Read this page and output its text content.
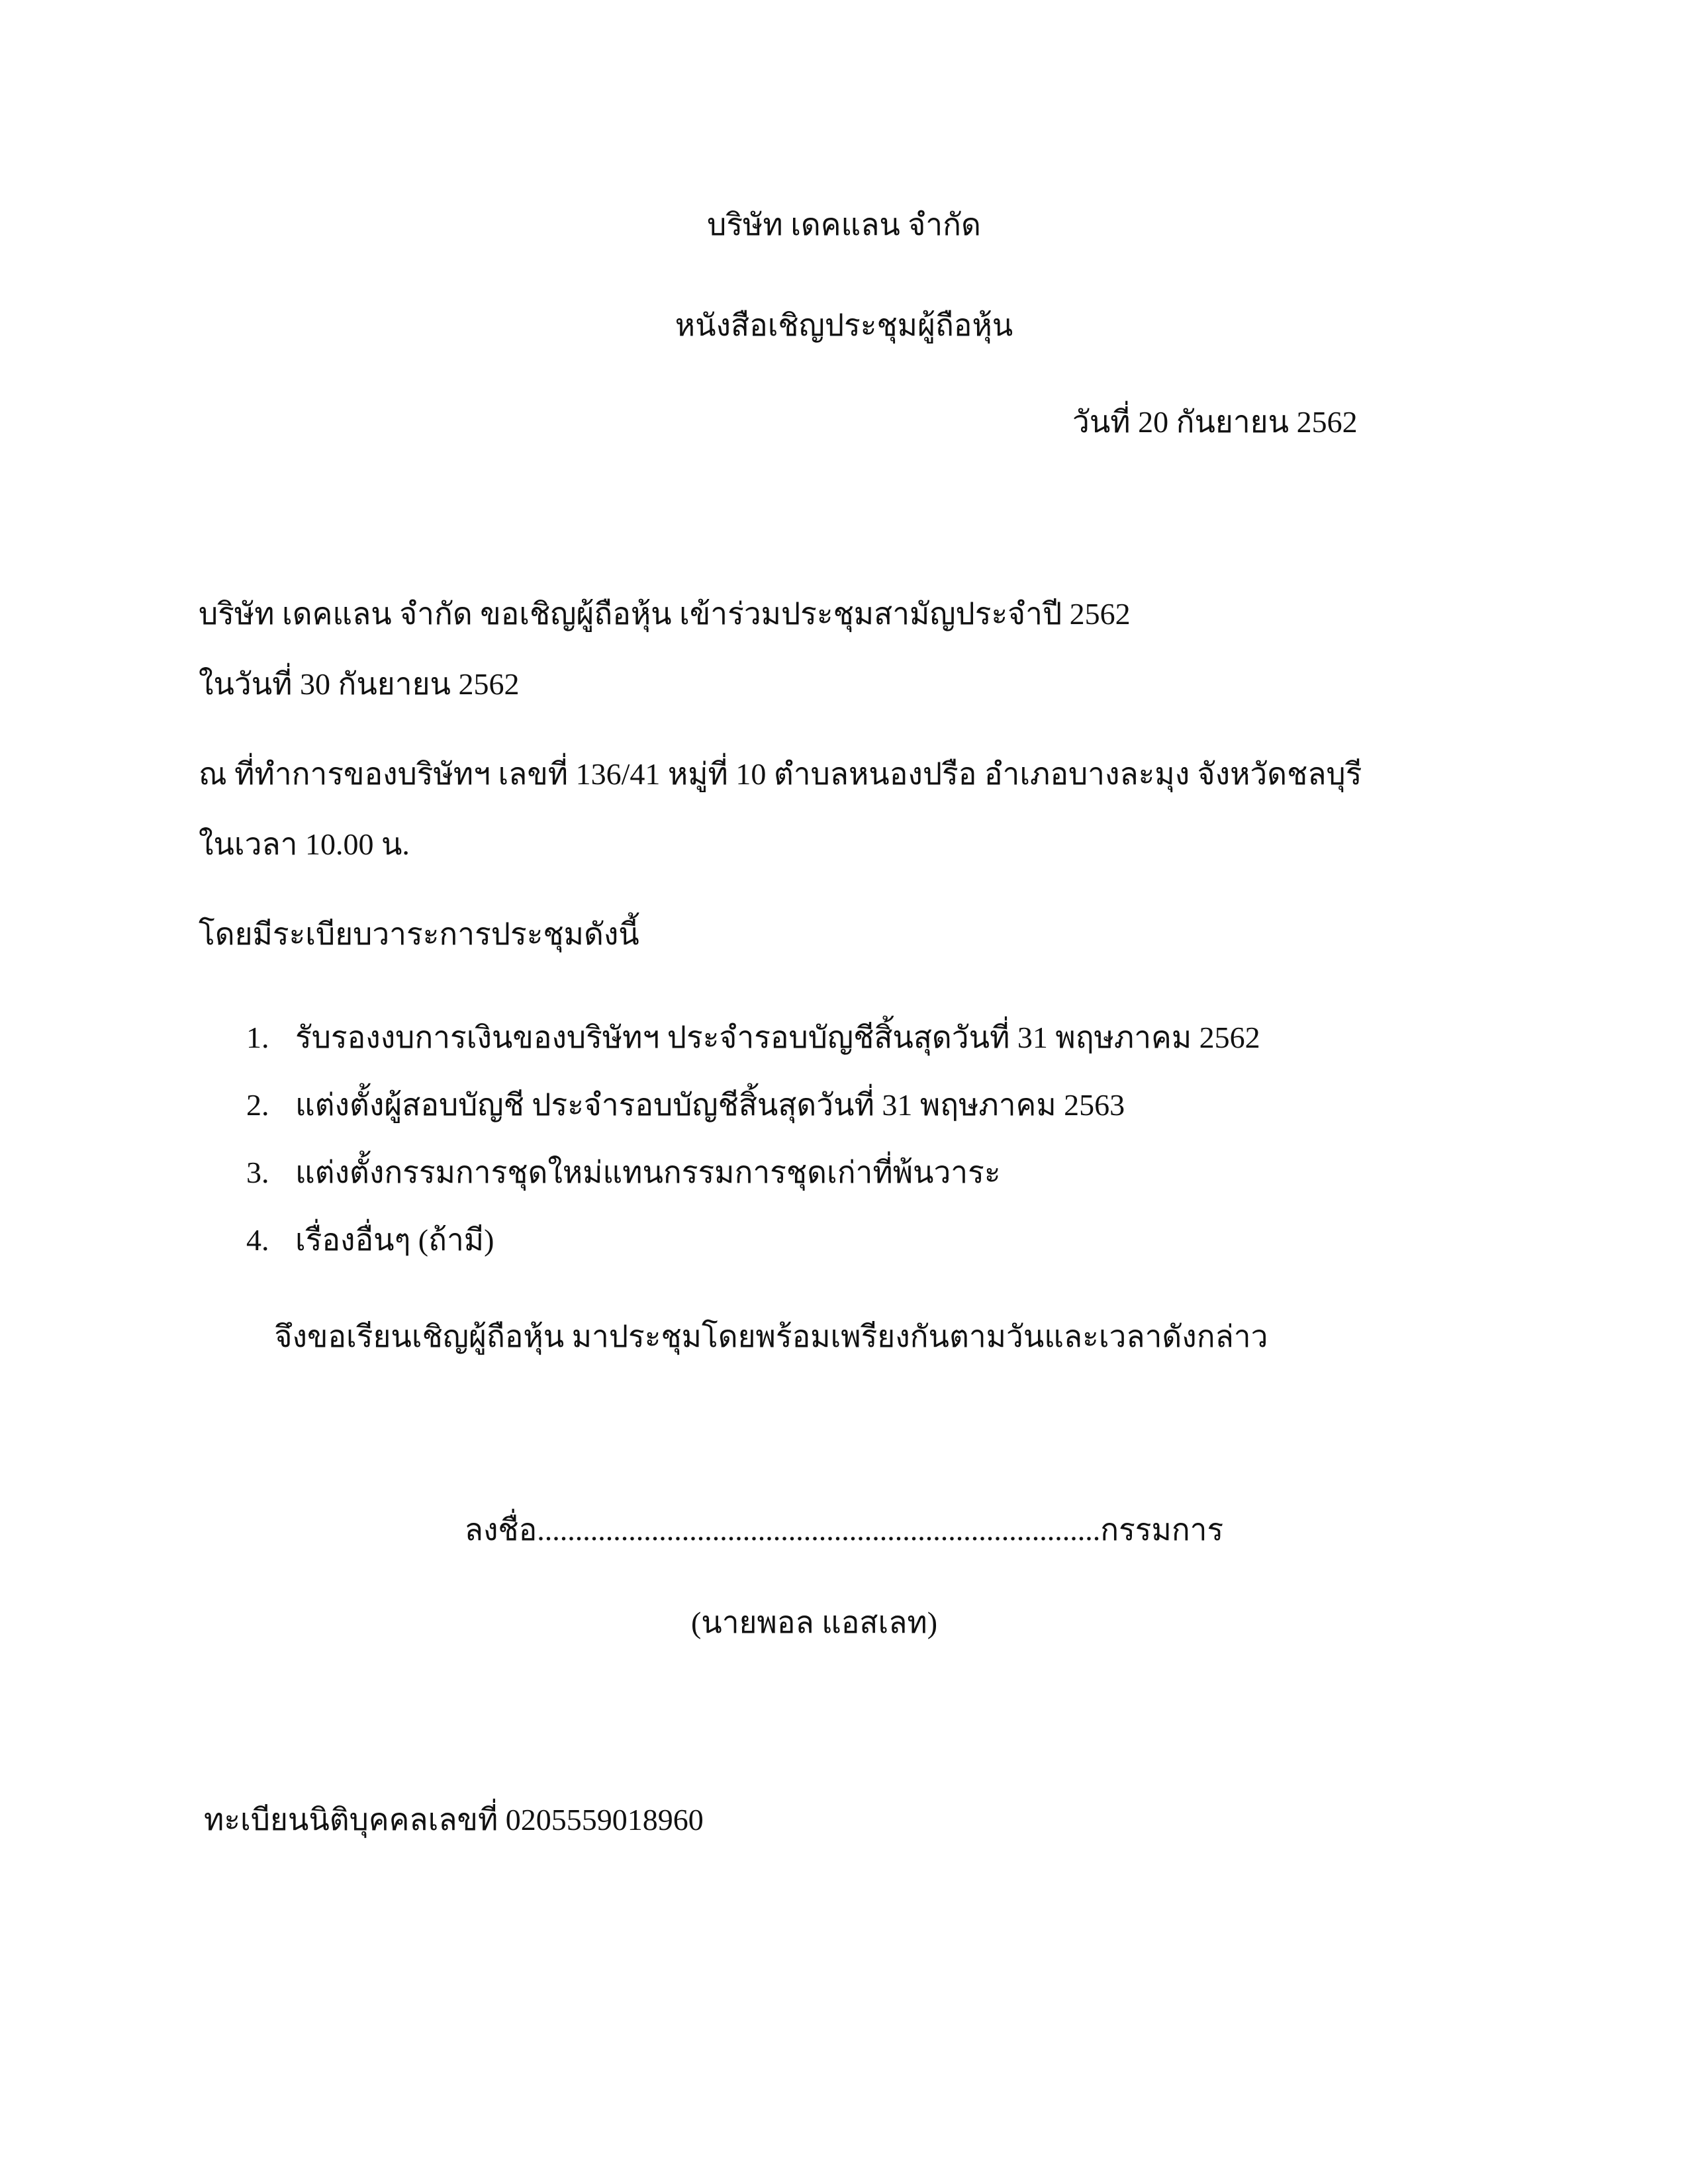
บริษัท เดคแลน จำกัด
หนังสือเชิญประชุมผู้ถือหุ้น
วันที่ 20 กันยายน 2562
บริษัท เดคแลน จำกัด ขอเชิญผู้ถือหุ้น เข้าร่วมประชุมสามัญประจำปี 2562
ในวันที่ 30 กันยายน 2562
ณ ที่ทำการของบริษัทฯ เลขที่ 136/41 หมู่ที่ 10 ตำบลหนองปรือ อำเภอบางละมุง จังหวัดชลบุรี
ในเวลา 10.00 น.
โดยมีระเบียบวาระการประชุมดังนี้
1. รับรองงบการเงินของบริษัทฯ ประจำรอบบัญชีสิ้นสุดวันที่ 31 พฤษภาคม 2562
2. แต่งตั้งผู้สอบบัญชี ประจำรอบบัญชีสิ้นสุดวันที่ 31 พฤษภาคม 2563
3. แต่งตั้งกรรมการชุดใหม่แทนกรรมการชุดเก่าที่พ้นวาระ
4. เรื่องอื่นๆ (ถ้ามี)
จึงขอเรียนเชิญผู้ถือหุ้น มาประชุมโดยพร้อมเพรียงกันตามวันและเวลาดังกล่าว
ลงชื่อ..........................................................................กรรมการ
(นายพอล แอสเลท)
ทะเบียนนิติบุคคลเลขที่ 0205559018960
